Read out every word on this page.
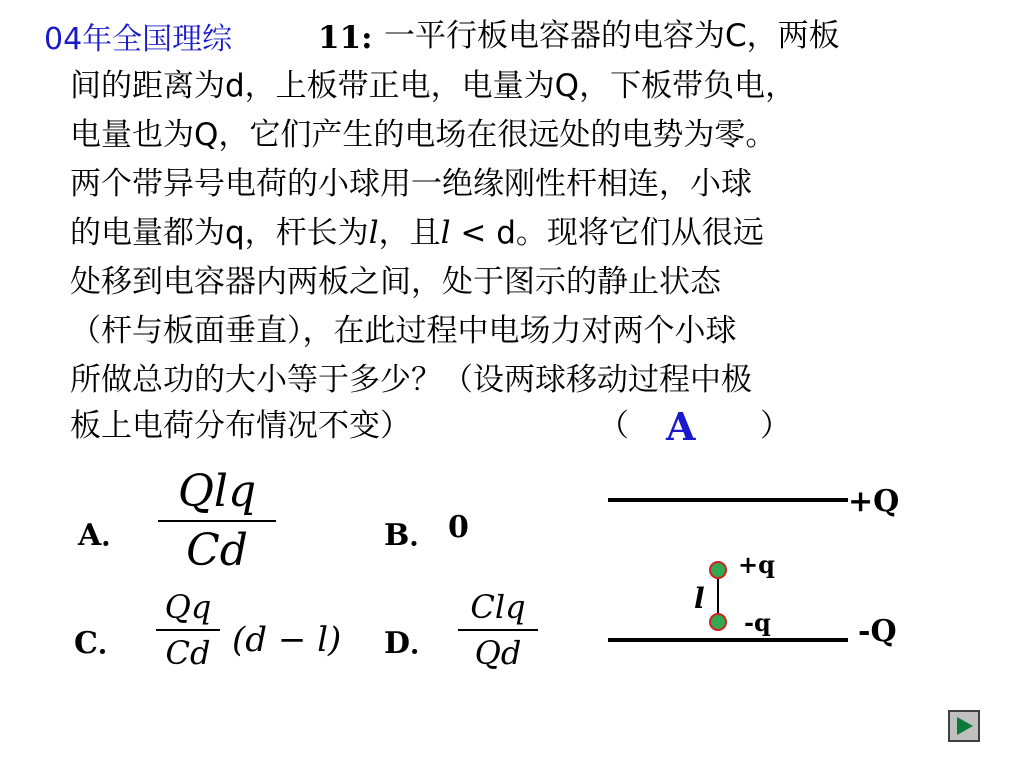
04年全国理综	11: 一平行板电容器的电容为C，两板
间的距离为d，上板带正电，电量为Q，下板带负电，
电量也为Q，它们产生的电场在很远处的电势为零。
两个带异号电荷的小球用一绝缘刚性杆相连，小球
的电量都为q，杆长为l，且l < d。现将它们从很远
处移到电容器内两板之间，处于图示的静止状态
（杆与板面垂直），在此过程中电场力对两个小球
所做总功的大小等于多少？（设两球移动过程中极
板上电荷分布情况不变）	（	）
A
A．
Qlq
Cd	B． 0
C．
Qq
Cd (d − l) D．
Clq
Qd
+Q
-Q
+q
-q
l
